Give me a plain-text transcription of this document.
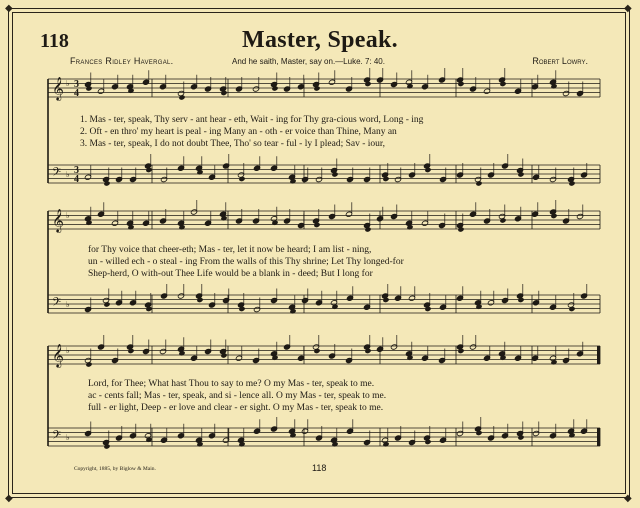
◆	◆
◆	◆
118	Master, Speak.
Frances Ridley Havergal.	And he saith, Master, say on.—Luke. 7: 40.	Robert Lowry.
𝄞
𝄢
♭
♭
3
4
3
4
𝄞
𝄢
♭
♭
𝄞
𝄢
♭
♭
1. Mas - ter, speak, Thy serv - ant hear - eth, Wait - ing for Thy gra-cious word, Long - ing
2. Oft - en thro' my heart is peal - ing Many an - oth - er voice than Thine, Many an
3. Mas - ter, speak, I do not doubt Thee, Tho' so tear - ful - ly I plead; Sav - iour,
for Thy voice that cheer-eth; Mas - ter, let it now be heard; I am list - ning,
un - willed ech - o steal - ing From the walls of this Thy shrine; Let Thy longed-for
Shep-herd, O with-out Thee Life would be a blank in - deed; But I long for
Lord, for Thee; What hast Thou to say to me? O my Mas - ter, speak to me.
ac - cents fall; Mas - ter, speak, and si - lence all. O my Mas - ter, speak to me.
full - er light, Deep - er love and clear - er sight. O my Mas - ter, speak to me.
Copyright, 1885, by Biglow & Main.	118
